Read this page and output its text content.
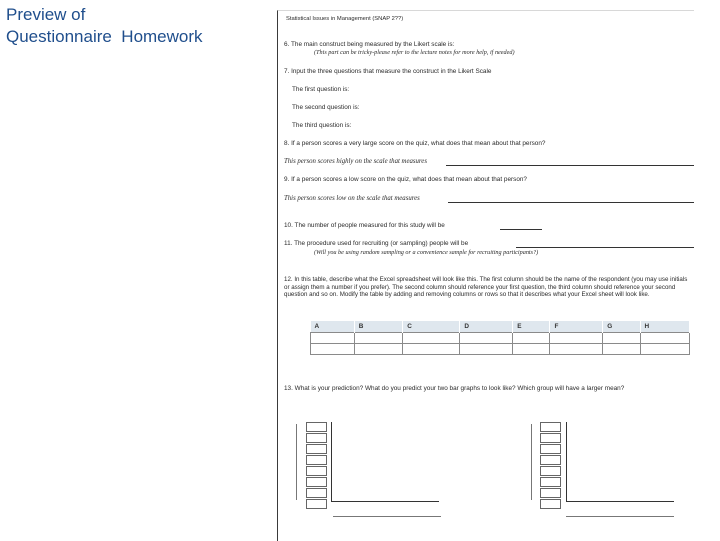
Preview of
Questionnaire  Homework
Statistical Issues in Management (SNAP 2??)
6. The main construct being measured by the Likert scale is:
(This part can be tricky-please refer to the lecture notes for more help, if needed)
7. Input the three questions that measure the construct in the Likert Scale
The first question is:
The second question is:
The third question is:
8. If a person scores a very large score on the quiz, what does that mean about that person?
This person scores highly on the scale that measures
9. If a person scores a low score on the quiz, what does that mean about that person?
This person scores low on the scale that measures
10. The number of people measured for this study will be
11. The procedure used for recruiting (or sampling) people will be
(Will you be using random sampling or a convenience sample for recruiting participants?)
12. In this table, describe what the Excel spreadsheet will look like this. The first column should be the name of the respondent (you may use initials or assign them a number if you prefer). The second column should reference your first question, the third column should reference your second question and so on. Modify the table by adding and removing columns or rows so that it describes what your Excel sheet will look like.
A	B	C	D	E	F	G	H

13. What is your prediction? What do you predict your two bar graphs to look like? Which group will have a larger mean?
